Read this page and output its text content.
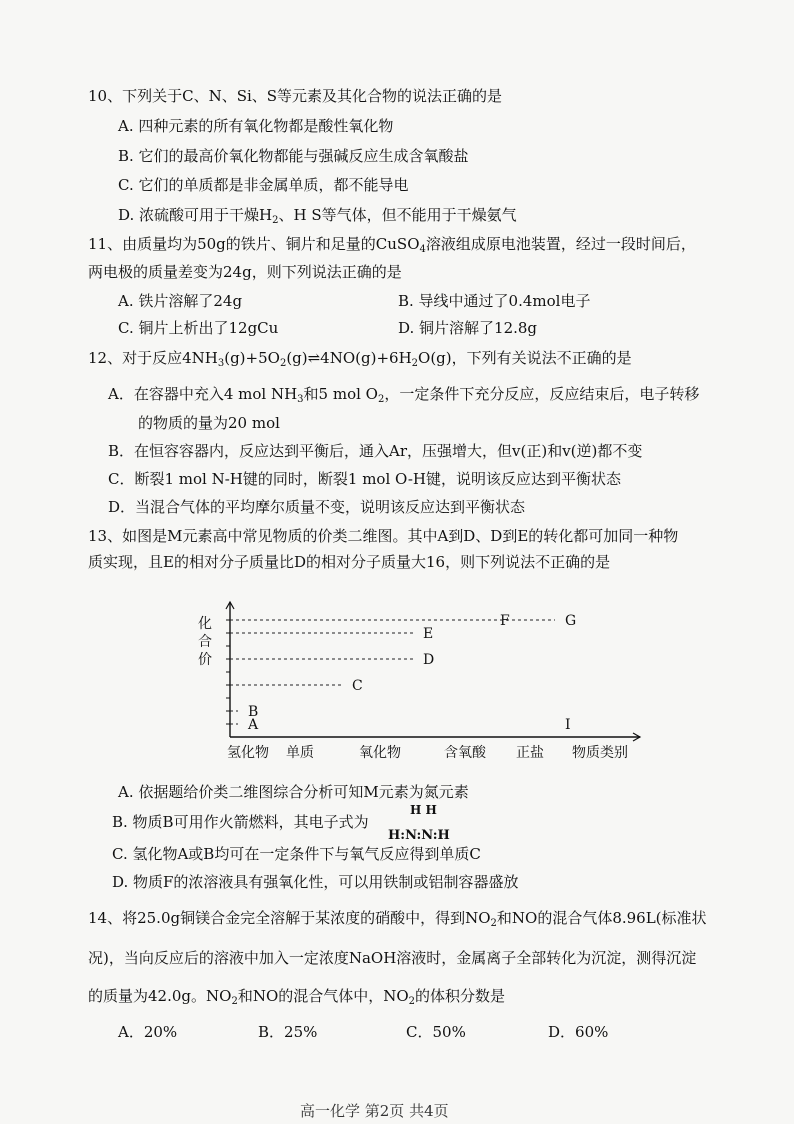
10、下列关于C、N、Si、S等元素及其化合物的说法正确的是
A. 四种元素的所有氧化物都是酸性氧化物
B. 它们的最高价氧化物都能与强碱反应生成含氧酸盐
C. 它们的单质都是非金属单质，都不能导电
D. 浓硫酸可用于干燥$H_2$、H S等气体，但不能用于干燥氨气
11、由质量均为50g的铁片、铜片和足量的CuSO$_4$溶液组成原电池装置，经过一段时间后，
两电极的质量差变为24g，则下列说法正确的是
A. 铁片溶解了24g	B. 导线中通过了0.4mol电子
C. 铜片上析出了12gCu	D. 铜片溶解了12.8g
12、对于反应$4NH_3(g)+5O_2(g)\rightleftharpoons 4NO(g)+6H_2O(g)$，下列有关说法不正确的是
A．在容器中充入4 mol $NH_3$和5 mol $O_2$，一定条件下充分反应，反应结束后，电子转移
的物质的量为20 mol
B．在恒容容器内，反应达到平衡后，通入Ar，压强增大，但v(正)和v(逆)都不变
C．断裂1 mol N-H键的同时，断裂1 mol O-H键，说明该反应达到平衡状态
D．当混合气体的平均摩尔质量不变，说明该反应达到平衡状态
13、如图是M元素高中常见物质的价类二维图。其中A到D、D到E的转化都可加同一种物
质实现，且E的相对分子质量比D的相对分子质量大16，则下列说法不正确的是
化
合
价
氢化物 单质	氧化物	含氧酸 正盐 物质类别
A
B
C
D
E
F	G
I
A. 依据题给价类二维图综合分析可知M元素为氮元素
B. 物质B可用作火箭燃料，其电子式为
H H
H:N:N:H
C. 氢化物A或B均可在一定条件下与氧气反应得到单质C
D. 物质F的浓溶液具有强氧化性，可以用铁制或铝制容器盛放
14、将25.0g铜镁合金完全溶解于某浓度的硝酸中，得到$NO_2$和NO的混合气体8.96L(标准状
况)，当向反应后的溶液中加入一定浓度NaOH溶液时，金属离子全部转化为沉淀，测得沉淀
的质量为42.0g。$NO_2$和NO的混合气体中，$NO_2$的体积分数是
A．20%	B．25%	C．50%	D．60%
高一化学 第2页 共4页
